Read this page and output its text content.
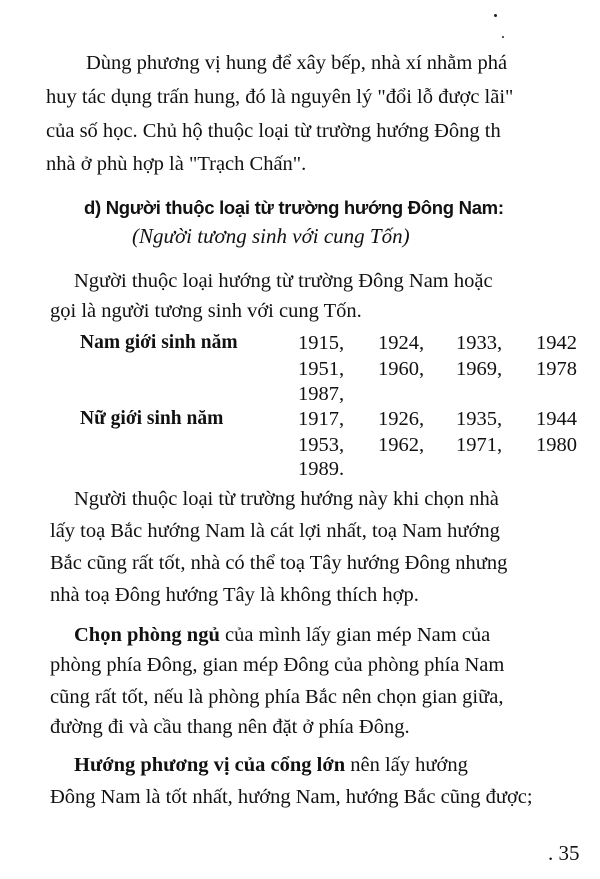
Dùng phương vị hung để xây bếp, nhà xí nhằm phá
huy tác dụng trấn hung, đó là nguyên lý "đổi lỗ được lãi"
của số học. Chủ hộ thuộc loại từ trường hướng Đông th
nhà ở phù hợp là "Trạch Chấn".
d) Người thuộc loại từ trường hướng Đông Nam:
(Người tương sinh với cung Tốn)
Người thuộc loại hướng từ trường Đông Nam hoặc
gọi là người tương sinh với cung Tốn.
Nam giới sinh năm	1915, 1924, 1933, 1942
1951, 1960, 1969, 1978
1987,
Nữ giới sinh năm	1917, 1926, 1935, 1944
1953, 1962, 1971, 1980
1989.
Người thuộc loại từ trường hướng này khi chọn nhà
lấy toạ Bắc hướng Nam là cát lợi nhất, toạ Nam hướng
Bắc cũng rất tốt, nhà có thể toạ Tây hướng Đông nhưng
nhà toạ Đông hướng Tây là không thích hợp.
Chọn phòng ngủ của mình lấy gian mép Nam của
phòng phía Đông, gian mép Đông của phòng phía Nam
cũng rất tốt, nếu là phòng phía Bắc nên chọn gian giữa,
đường đi và cầu thang nên đặt ở phía Đông.
Hướng phương vị của cổng lớn nên lấy hướng
Đông Nam là tốt nhất, hướng Nam, hướng Bắc cũng được;
. 35
